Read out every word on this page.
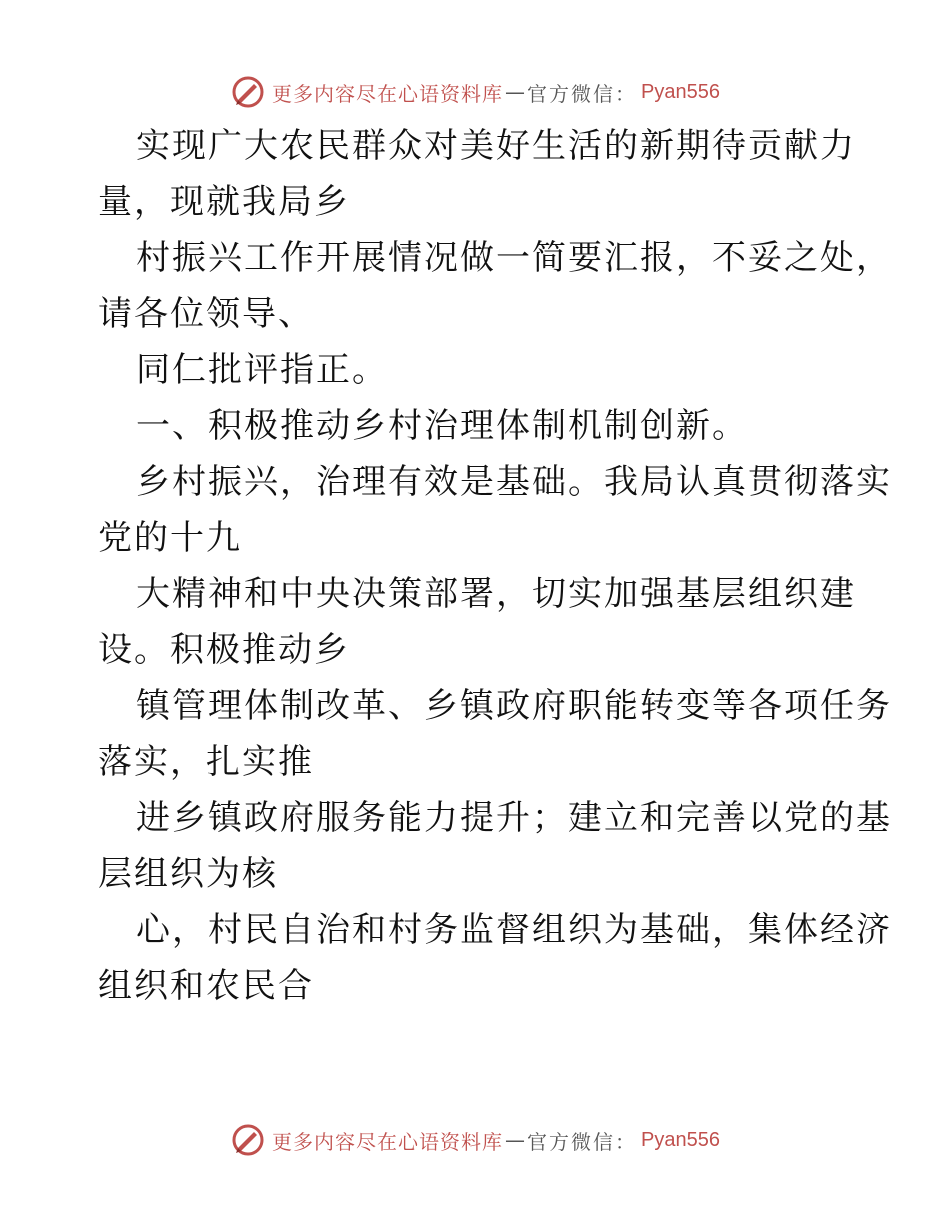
更多内容尽在心语资料库 — 官方微信： Pyan556
实现广大农民群众对美好生活的新期待贡献力
量，现就我局乡
村振兴工作开展情况做一简要汇报，不妥之处，
请各位领导、
同仁批评指正。
一、积极推动乡村治理体制机制创新。
乡村振兴，治理有效是基础。我局认真贯彻落实
党的十九
大精神和中央决策部署，切实加强基层组织建
设。积极推动乡
镇管理体制改革、乡镇政府职能转变等各项任务
落实，扎实推
进乡镇政府服务能力提升；建立和完善以党的基
层组织为核
心，村民自治和村务监督组织为基础，集体经济
组织和农民合
更多内容尽在心语资料库 — 官方微信： Pyan556
